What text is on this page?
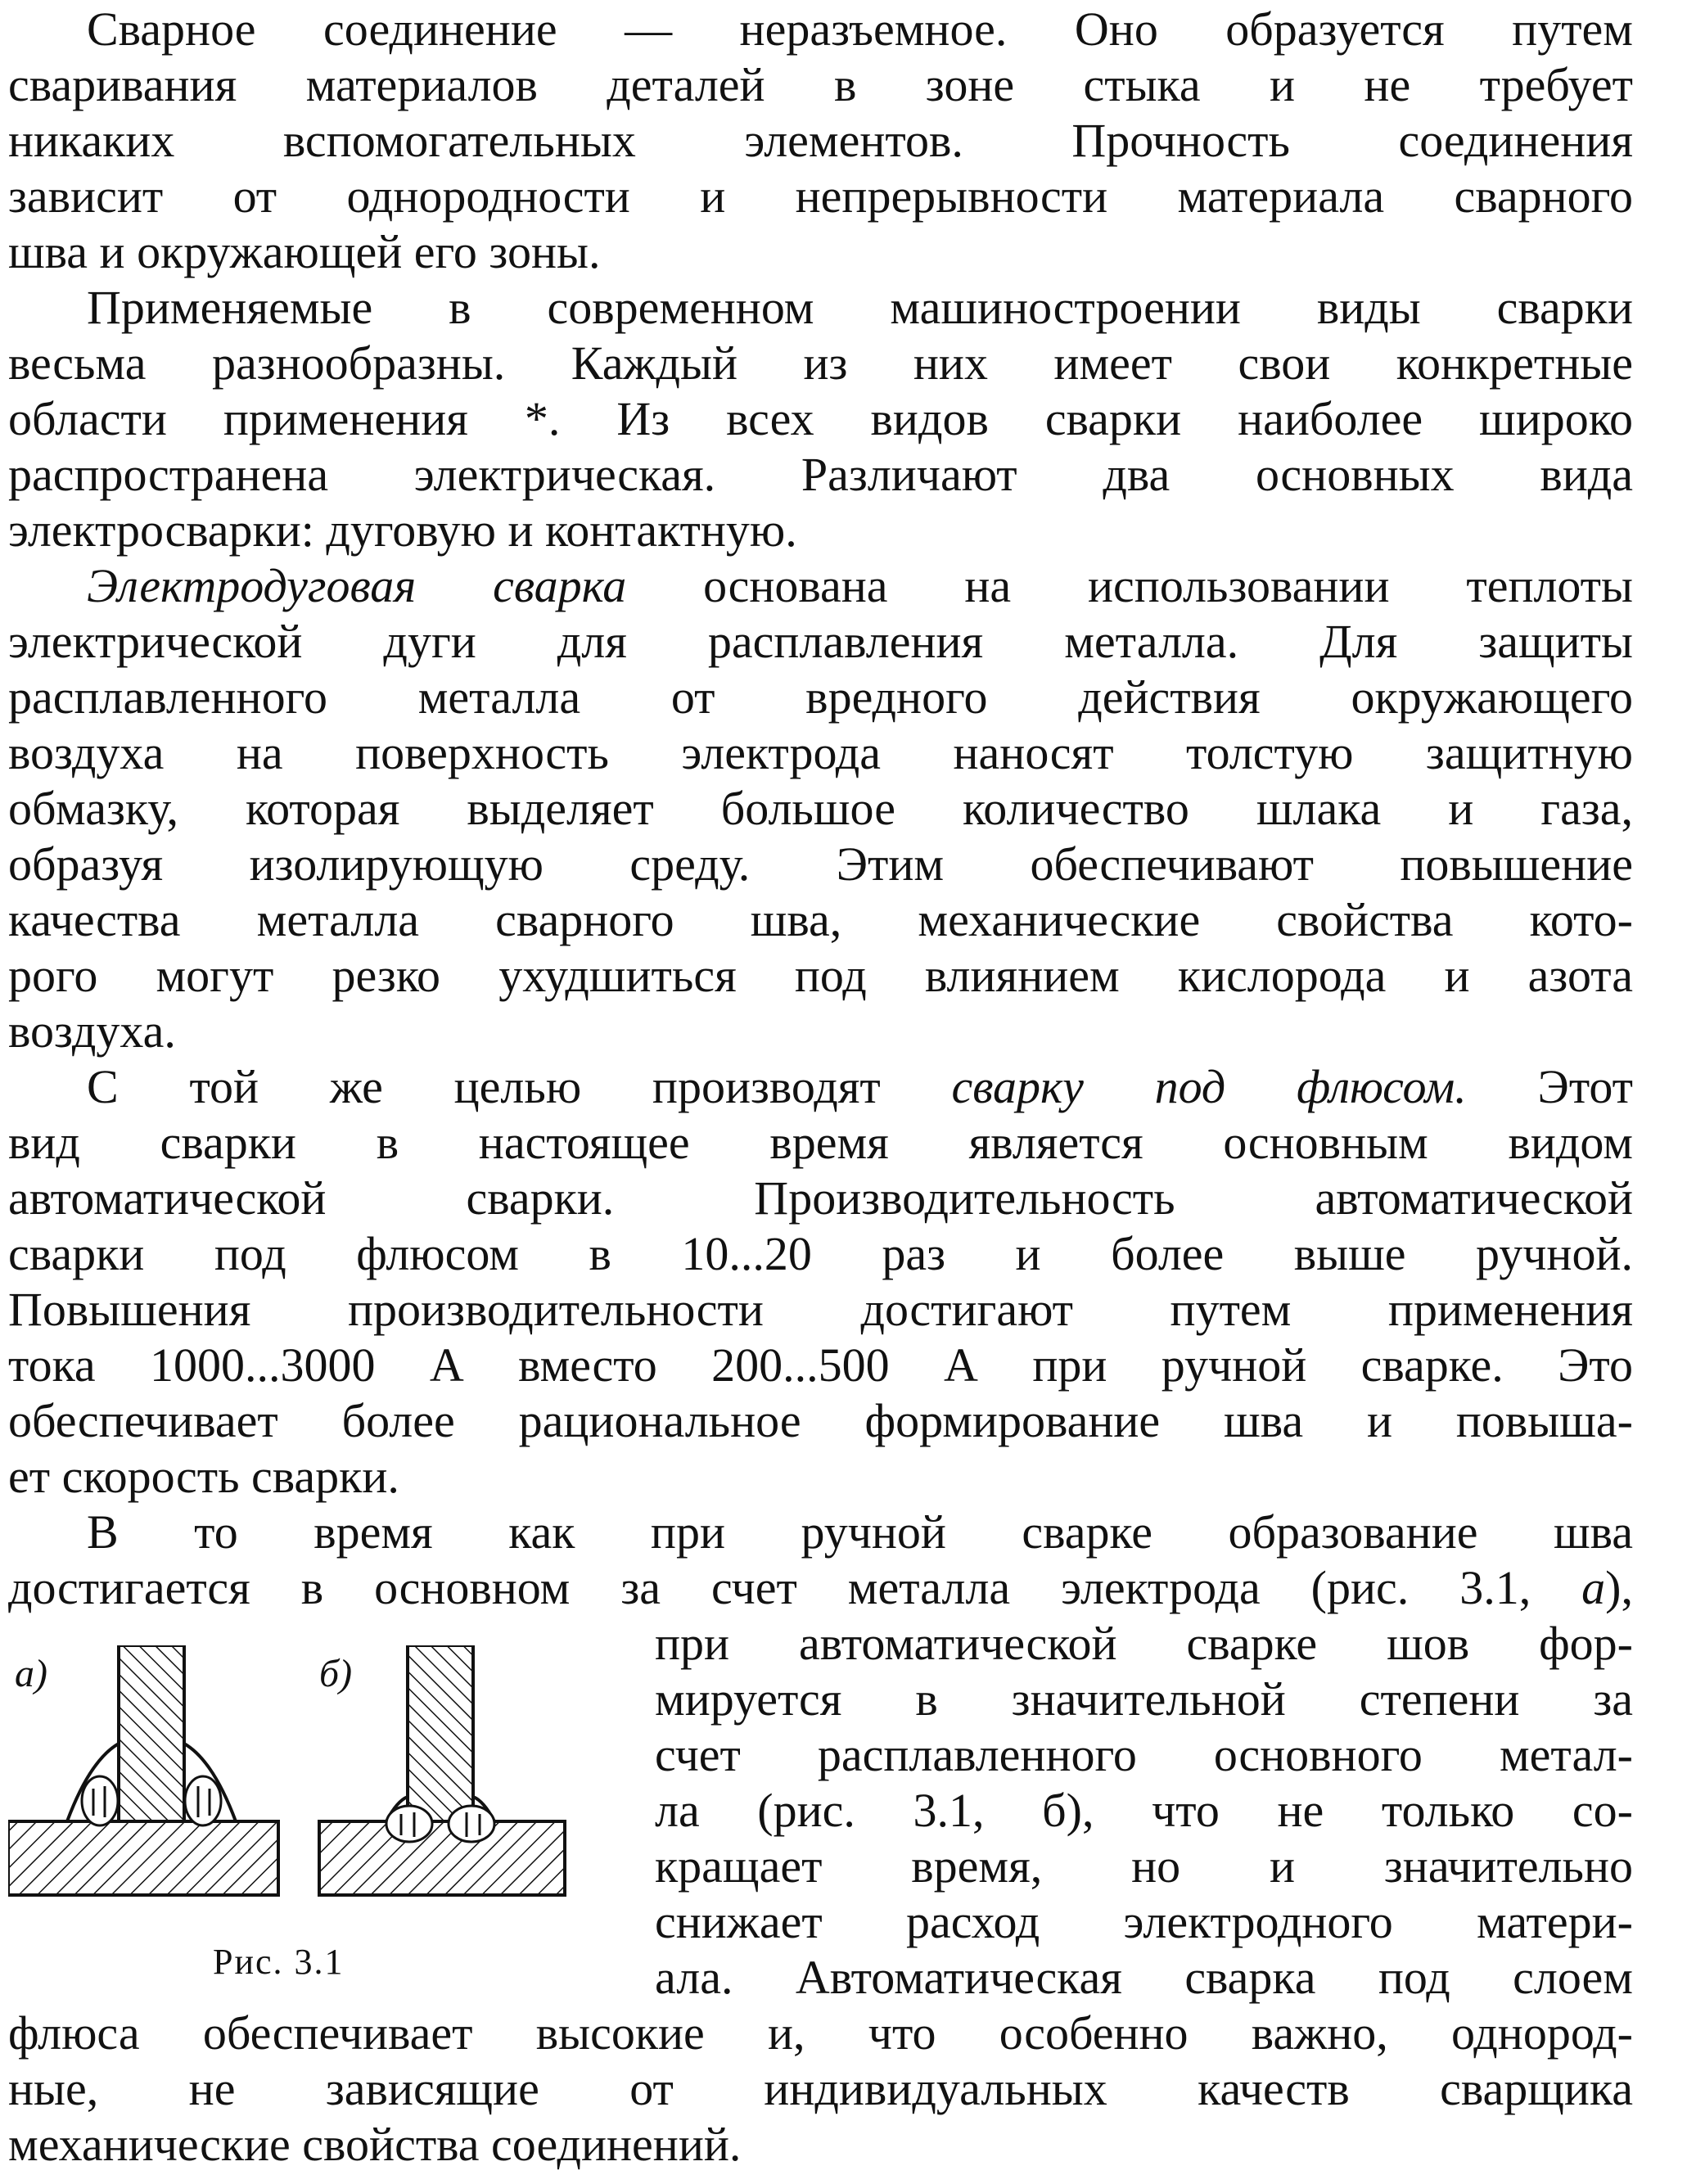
Сварное соединение — неразъемное. Оно образуется путем
сваривания материалов деталей в зоне стыка и не требует
никаких вспомогательных элементов. Прочность соединения
зависит от однородности и непрерывности материала сварного
шва и окружающей его зоны.
Применяемые в современном машиностроении виды сварки
весьма разнообразны. Каждый из них имеет свои конкретные
области применения *. Из всех видов сварки наиболее широко
распространена электрическая. Различают два основных вида
электросварки: дуговую и контактную.
Электродуговая сварка основана на использовании теплоты
электрической дуги для расплавления металла. Для защиты
расплавленного металла от вредного действия окружающего
воздуха на поверхность электрода наносят толстую защитную
обмазку, которая выделяет большое количество шлака и газа,
образуя изолирующую среду. Этим обеспечивают повышение
качества металла сварного шва, механические свойства кото-
рого могут резко ухудшиться под влиянием кислорода и азота
воздуха.
С той же целью производят сварку под флюсом. Этот
вид сварки в настоящее время является основным видом
автоматической сварки. Производительность автоматической
сварки под флюсом в 10...20 раз и более выше ручной.
Повышения производительности достигают путем применения
тока 1000...3000 А вместо 200...500 А при ручной сварке. Это
обеспечивает более рациональное формирование шва и повыша-
ет скорость сварки.
В то время как при ручной сварке образование шва
достигается в основном за счет металла электрода (рис. 3.1, а),
при автоматической сварке шов фор-
мируется в значительной степени за
счет расплавленного основного метал-
ла (рис. 3.1, б), что не только со-
кращает время, но и значительно
снижает расход электродного матери-
ала. Автоматическая сварка под слоем
флюса обеспечивает высокие и, что особенно важно, однород-
ные, не зависящие от индивидуальных качеств сварщика
механические свойства соединений.
а)	б)
Рис. 3.1
